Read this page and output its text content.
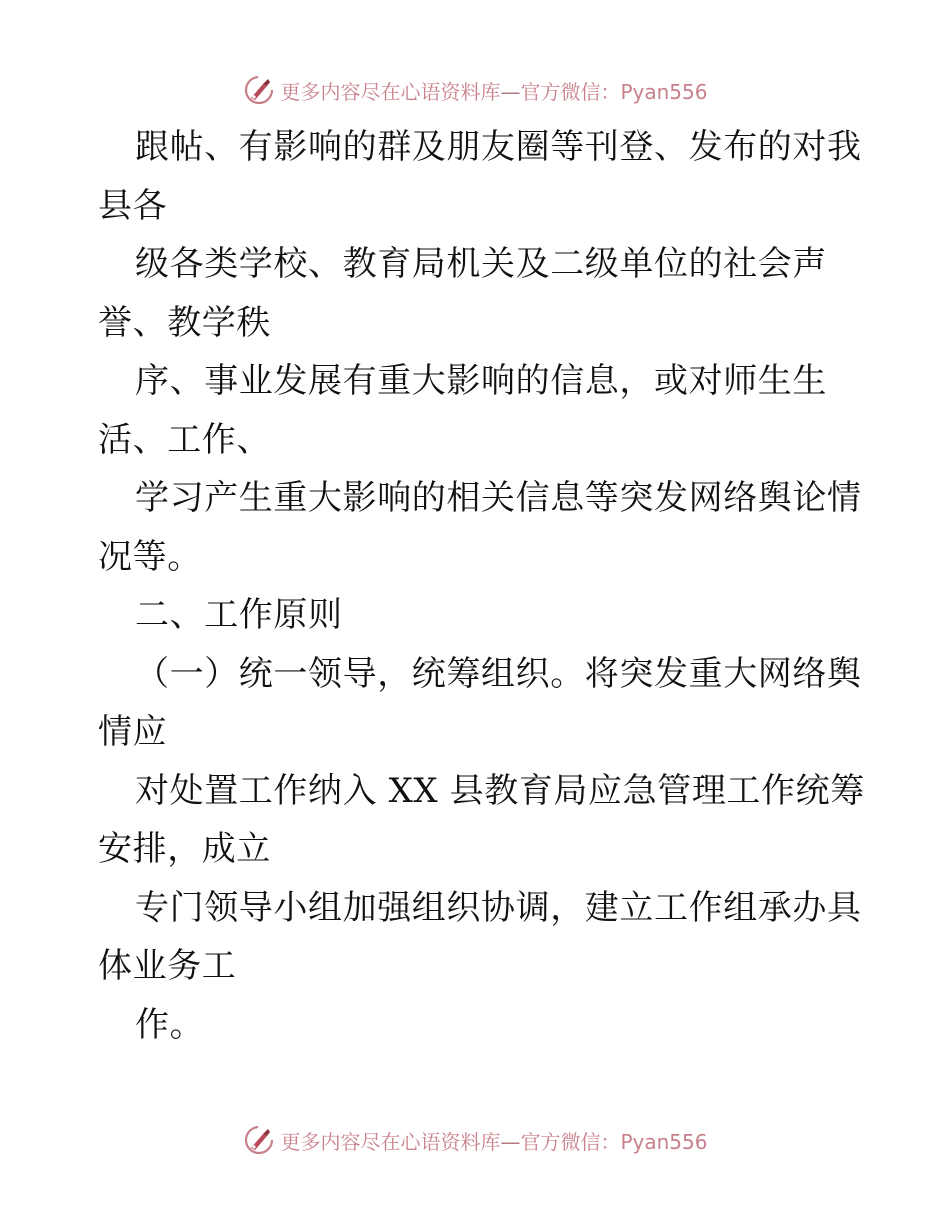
更多内容尽在心语资料库—官方微信：Pyan556
跟帖、有影响的群及朋友圈等刊登、发布的对我
县各
级各类学校、教育局机关及二级单位的社会声
誉、教学秩
序、事业发展有重大影响的信息，或对师生生
活、工作、
学习产生重大影响的相关信息等突发网络舆论情
况等。
二、工作原则
（一）统一领导，统筹组织。将突发重大网络舆
情应
对处置工作纳入 XX 县教育局应急管理工作统筹
安排，成立
专门领导小组加强组织协调，建立工作组承办具
体业务工
作。
更多内容尽在心语资料库—官方微信：Pyan556
